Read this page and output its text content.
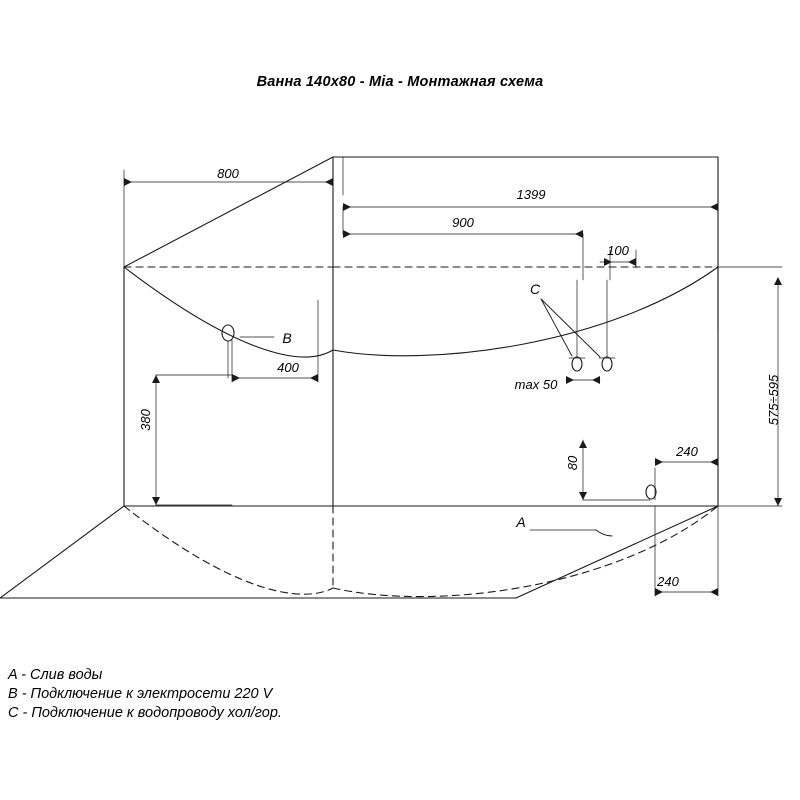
Ванна 140x80 - Mia - Монтажная схема
800
1399
900
100
575÷595
380
400
max 50
80
240
240
B
C
A
A - Слив воды
B - Подключение к электросети 220 V
C - Подключение к водопроводу хол/гор.
